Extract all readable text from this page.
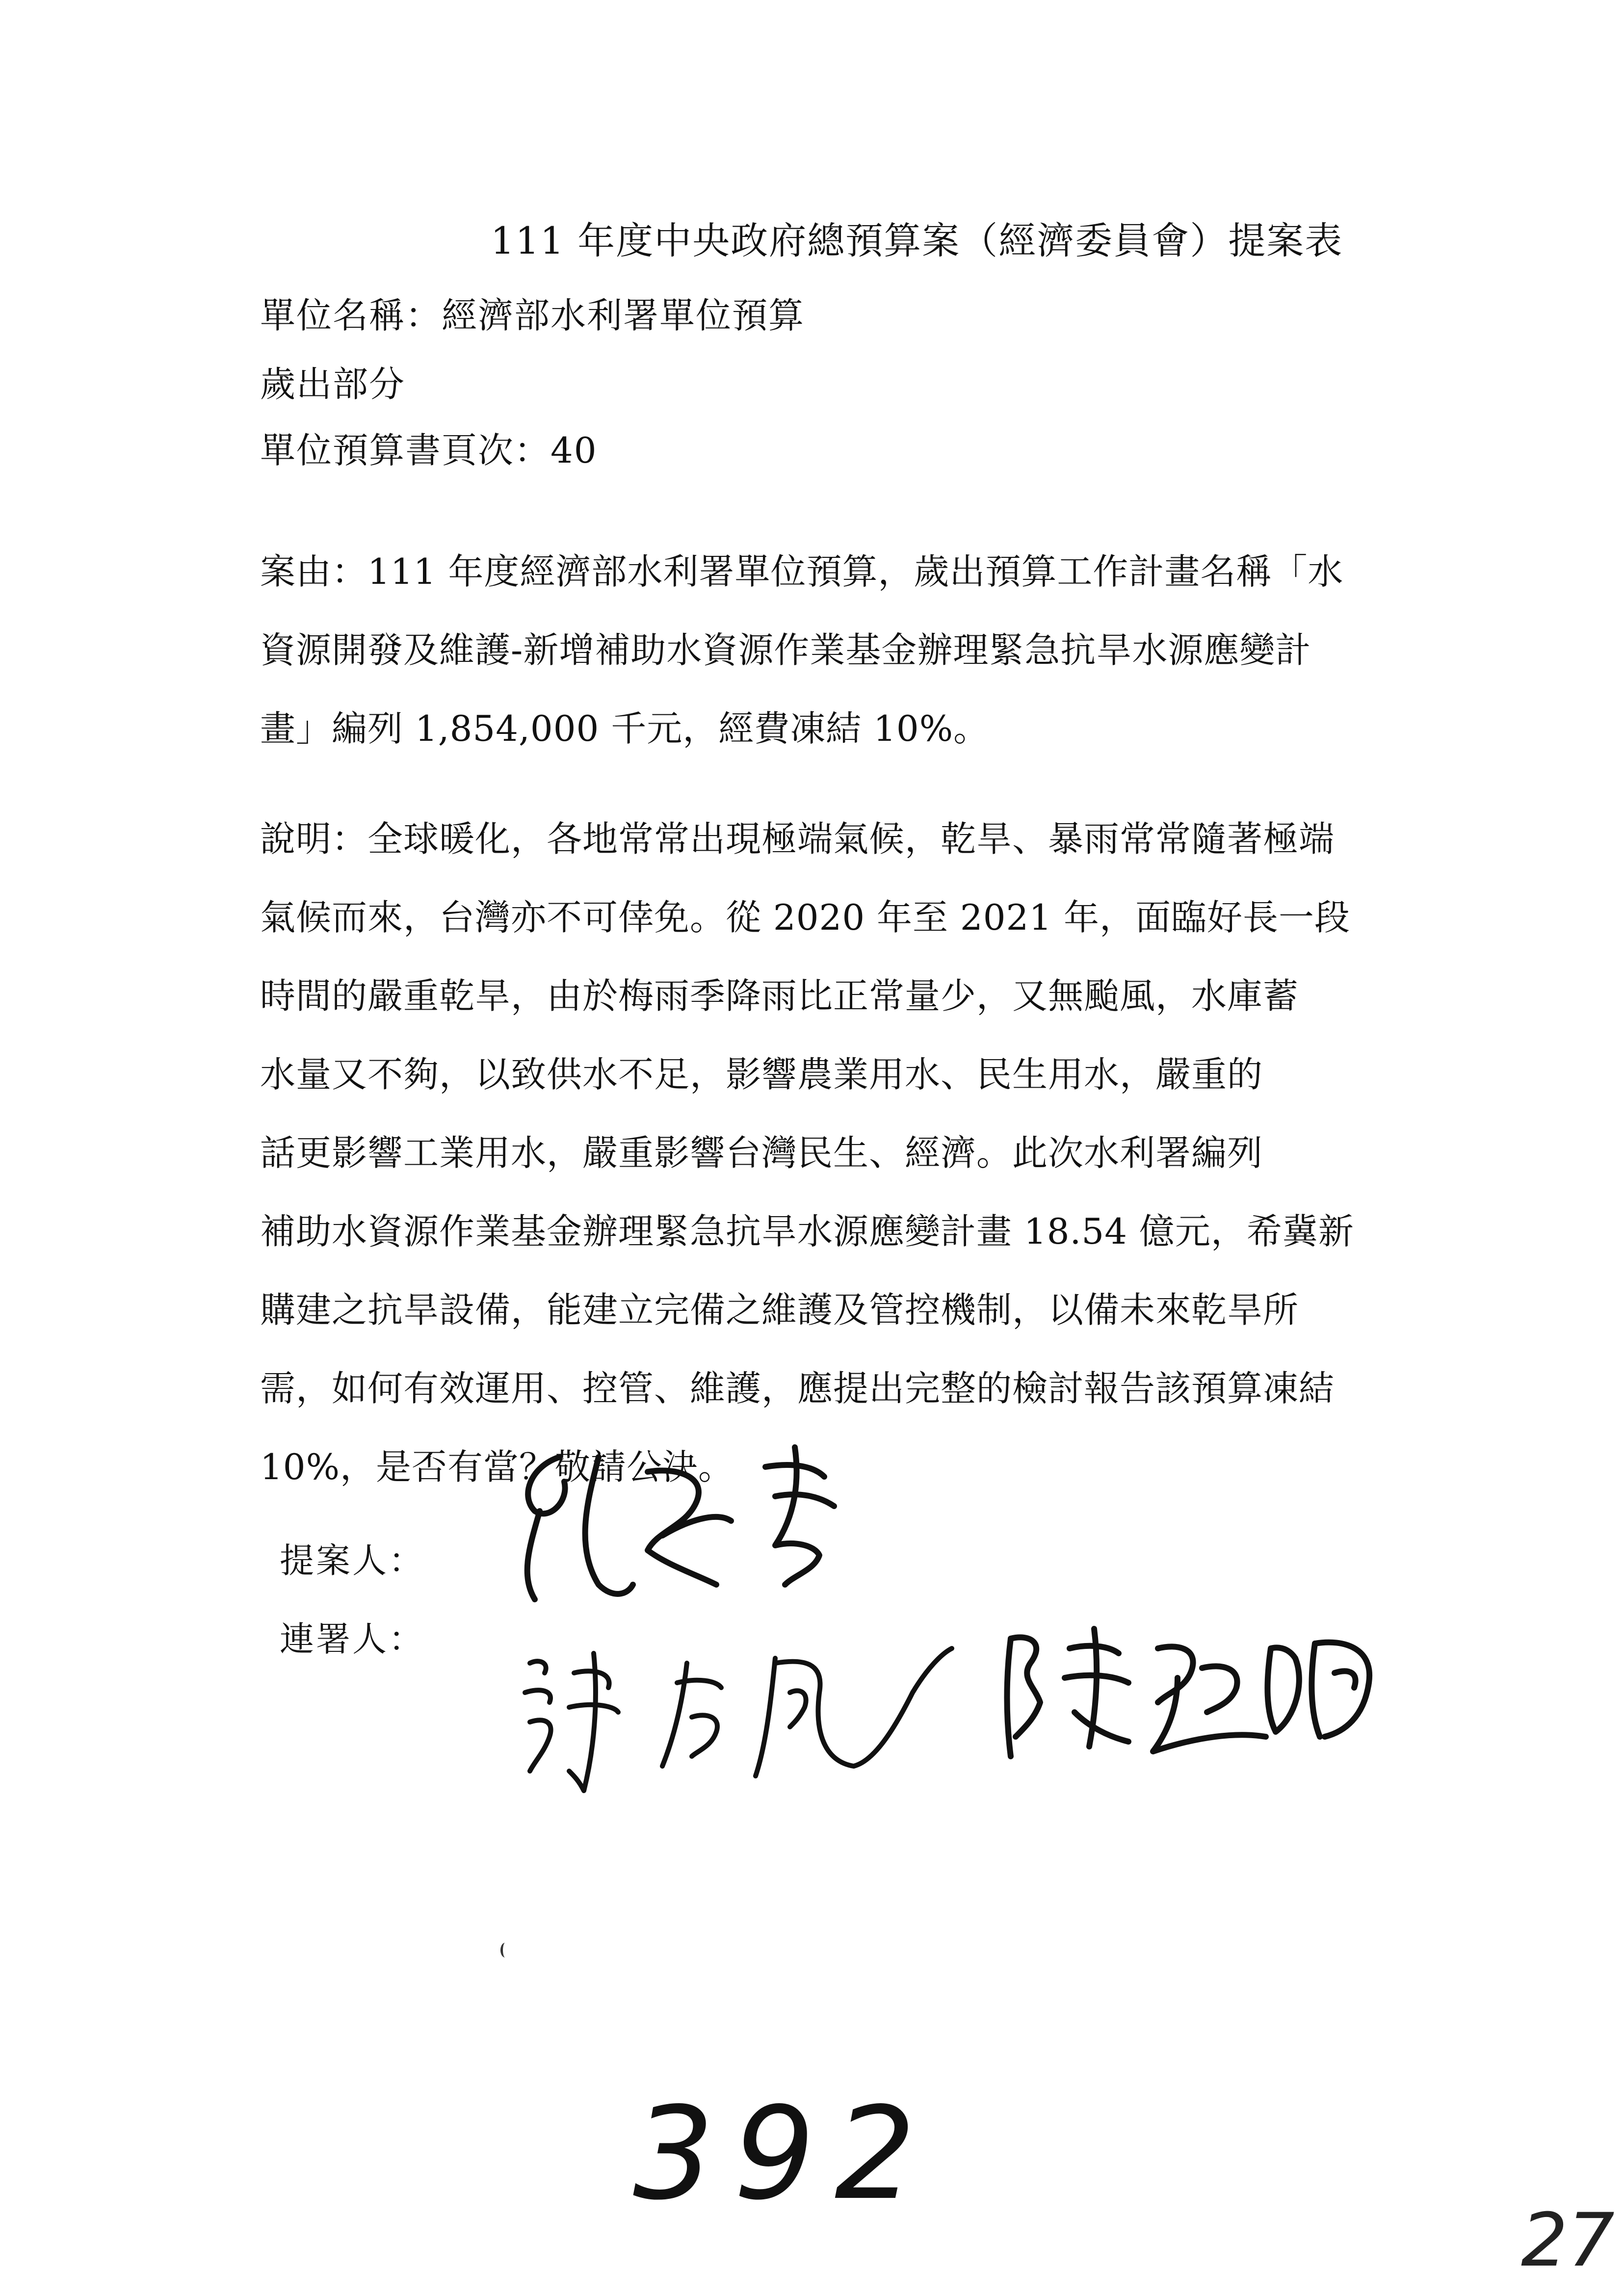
111 年度中央政府總預算案（經濟委員會）提案表
單位名稱：經濟部水利署單位預算
歲出部分
單位預算書頁次：40
案由：111 年度經濟部水利署單位預算，歲出預算工作計畫名稱「水
資源開發及維護-新增補助水資源作業基金辦理緊急抗旱水源應變計
畫」編列 1,854,000 千元，經費凍結 10%。
說明：全球暖化，各地常常出現極端氣候，乾旱、暴雨常常隨著極端
氣候而來，台灣亦不可倖免。從 2020 年至 2021 年，面臨好長一段
時間的嚴重乾旱，由於梅雨季降雨比正常量少，又無颱風，水庫蓄
水量又不夠，以致供水不足，影響農業用水、民生用水，嚴重的
話更影響工業用水，嚴重影響台灣民生、經濟。此次水利署編列
補助水資源作業基金辦理緊急抗旱水源應變計畫 18.54 億元，希冀新
購建之抗旱設備，能建立完備之維護及管控機制，以備未來乾旱所
需，如何有效運用、控管、維護，應提出完整的檢討報告該預算凍結
10%，是否有當？敬請公決。
提案人：
連署人：
392
27
